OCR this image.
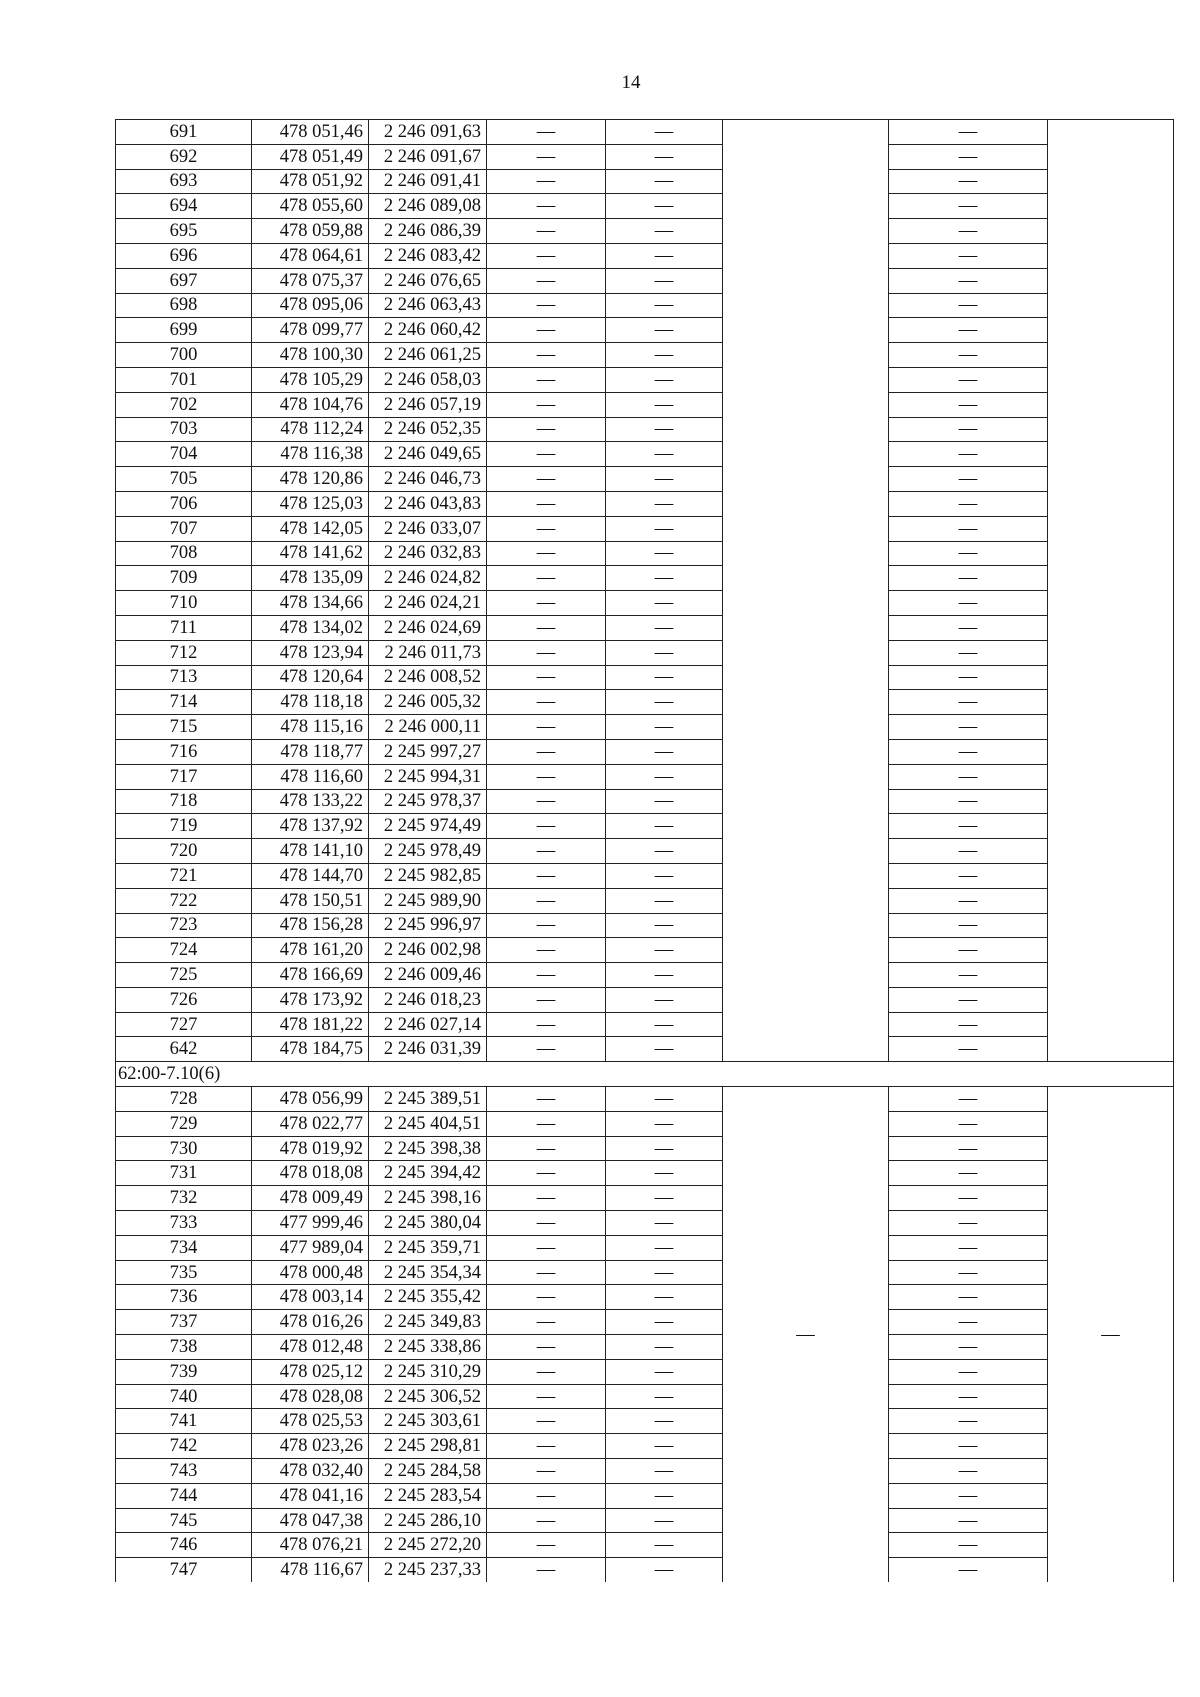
14
691	478 051,46	2 246 091,63	—	—		—	
692	478 051,49	2 246 091,67	—	—		—	
693	478 051,92	2 246 091,41	—	—		—	
694	478 055,60	2 246 089,08	—	—		—	
695	478 059,88	2 246 086,39	—	—		—	
696	478 064,61	2 246 083,42	—	—		—	
697	478 075,37	2 246 076,65	—	—		—	
698	478 095,06	2 246 063,43	—	—		—	
699	478 099,77	2 246 060,42	—	—		—	
700	478 100,30	2 246 061,25	—	—		—	
701	478 105,29	2 246 058,03	—	—		—	
702	478 104,76	2 246 057,19	—	—		—	
703	478 112,24	2 246 052,35	—	—		—	
704	478 116,38	2 246 049,65	—	—		—	
705	478 120,86	2 246 046,73	—	—		—	
706	478 125,03	2 246 043,83	—	—		—	
707	478 142,05	2 246 033,07	—	—		—	
708	478 141,62	2 246 032,83	—	—		—	
709	478 135,09	2 246 024,82	—	—		—	
710	478 134,66	2 246 024,21	—	—		—	
711	478 134,02	2 246 024,69	—	—		—	
712	478 123,94	2 246 011,73	—	—		—	
713	478 120,64	2 246 008,52	—	—		—	
714	478 118,18	2 246 005,32	—	—		—	
715	478 115,16	2 246 000,11	—	—		—	
716	478 118,77	2 245 997,27	—	—		—	
717	478 116,60	2 245 994,31	—	—		—	
718	478 133,22	2 245 978,37	—	—		—	
719	478 137,92	2 245 974,49	—	—		—	
720	478 141,10	2 245 978,49	—	—		—	
721	478 144,70	2 245 982,85	—	—		—	
722	478 150,51	2 245 989,90	—	—		—	
723	478 156,28	2 245 996,97	—	—		—	
724	478 161,20	2 246 002,98	—	—		—	
725	478 166,69	2 246 009,46	—	—		—	
726	478 173,92	2 246 018,23	—	—		—	
727	478 181,22	2 246 027,14	—	—		—	
642	478 184,75	2 246 031,39	—	—		—	
62:00-7.10(6)							
728	478 056,99	2 245 389,51	—	—	—	—	—
729	478 022,77	2 245 404,51	—	—		—	
730	478 019,92	2 245 398,38	—	—		—	
731	478 018,08	2 245 394,42	—	—		—	
732	478 009,49	2 245 398,16	—	—		—	
733	477 999,46	2 245 380,04	—	—		—	
734	477 989,04	2 245 359,71	—	—		—	
735	478 000,48	2 245 354,34	—	—		—	
736	478 003,14	2 245 355,42	—	—		—	
737	478 016,26	2 245 349,83	—	—		—	
738	478 012,48	2 245 338,86	—	—		—	
739	478 025,12	2 245 310,29	—	—		—	
740	478 028,08	2 245 306,52	—	—		—	
741	478 025,53	2 245 303,61	—	—		—	
742	478 023,26	2 245 298,81	—	—		—	
743	478 032,40	2 245 284,58	—	—		—	
744	478 041,16	2 245 283,54	—	—		—	
745	478 047,38	2 245 286,10	—	—		—	
746	478 076,21	2 245 272,20	—	—		—	
747	478 116,67	2 245 237,33	—	—		—	
